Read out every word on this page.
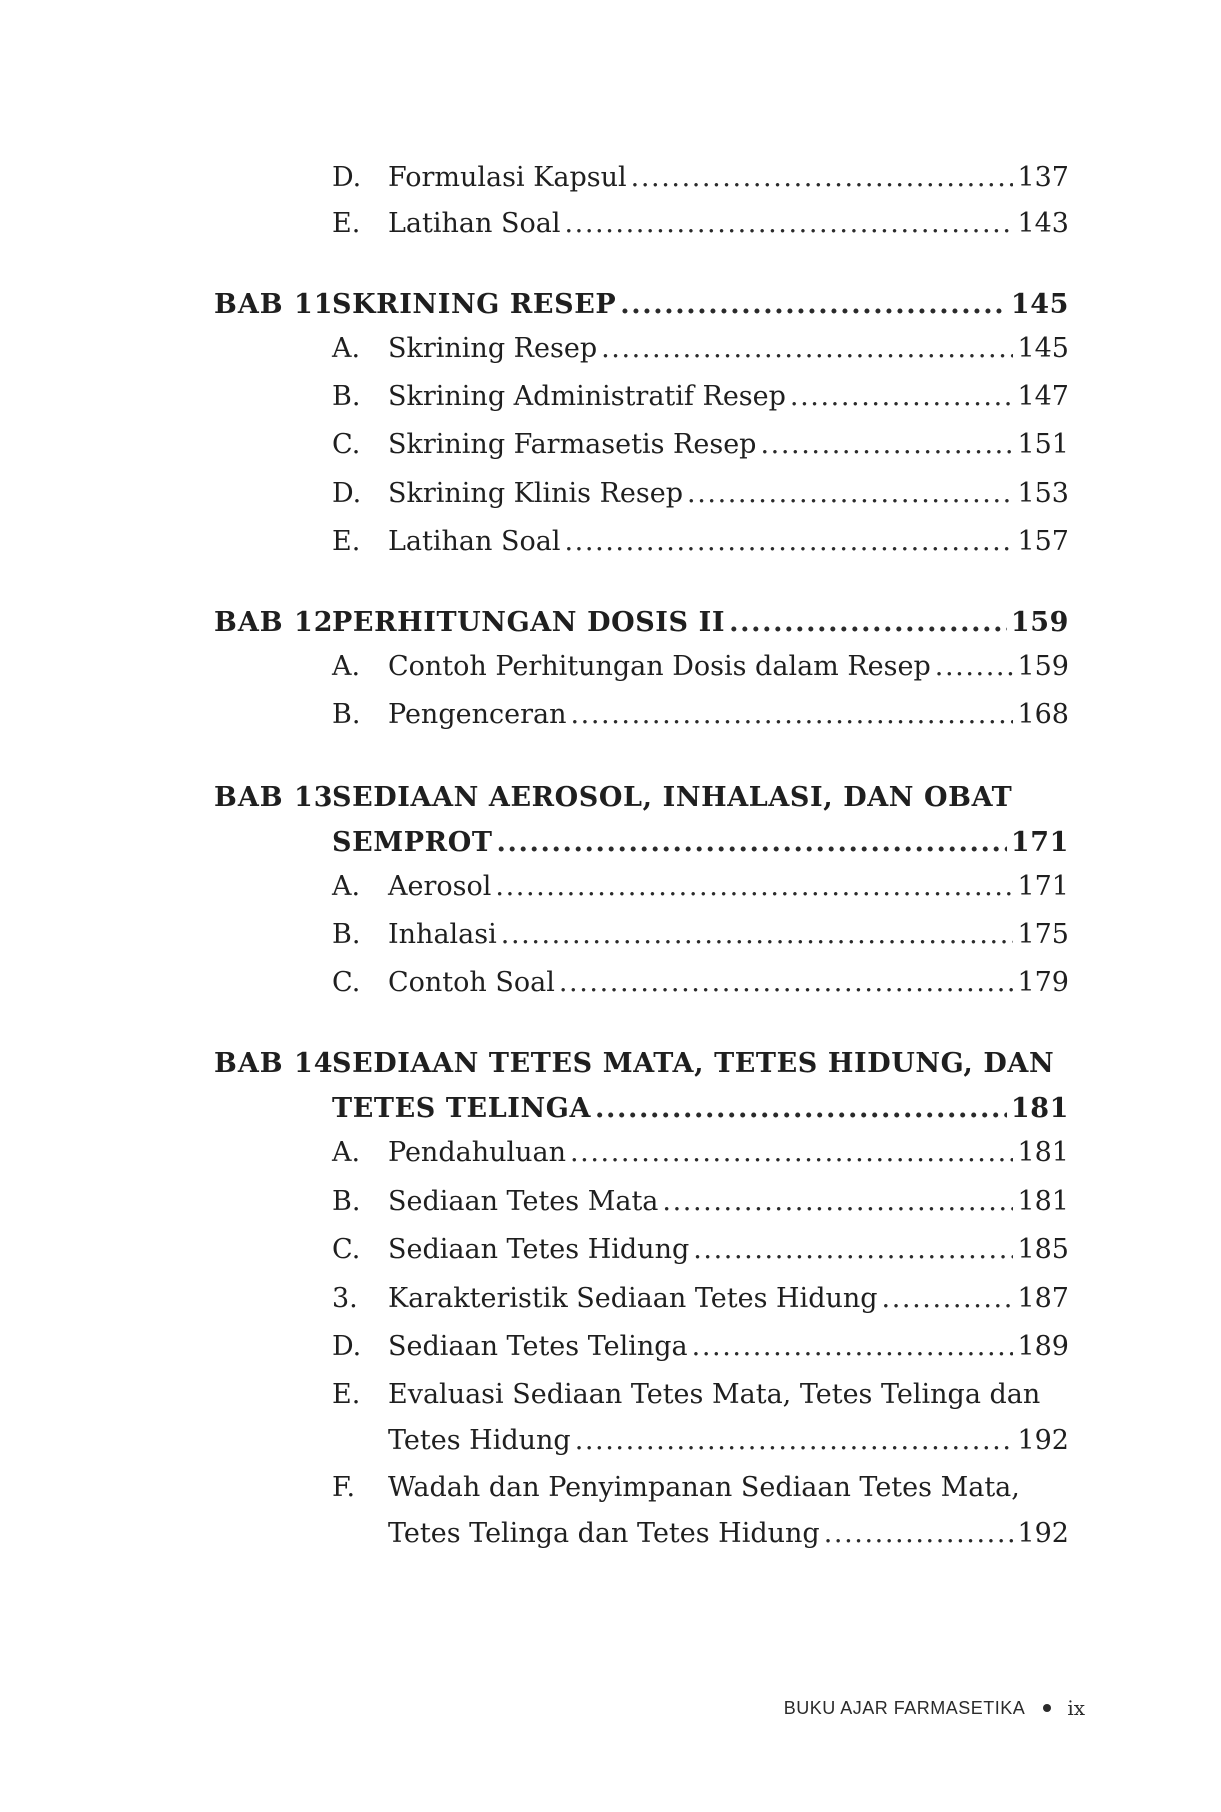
D. Formulasi Kapsul .....	137
E. Latihan Soal .....	143
BAB 11
SKRINING RESEP .....	145
A. Skrining Resep .....	145
B. Skrining Administratif Resep .....	147
C. Skrining Farmasetis Resep .....	151
D. Skrining Klinis Resep .....	153
E. Latihan Soal .....	157
BAB 12
PERHITUNGAN DOSIS II .....	159
A. Contoh Perhitungan Dosis dalam Resep .....	159
B. Pengenceran .....	168
BAB 13
SEDIAAN AEROSOL, INHALASI, DAN OBAT
SEMPROT .....	171
A. Aerosol .....	171
B. Inhalasi .....	175
C. Contoh Soal .....	179
BAB 14
SEDIAAN TETES MATA, TETES HIDUNG, DAN
TETES TELINGA .....	181
A. Pendahuluan .....	181
B. Sediaan Tetes Mata .....	181
C. Sediaan Tetes Hidung .....	185
3. Karakteristik Sediaan Tetes Hidung .....	187
D. Sediaan Tetes Telinga .....	189
E. Evaluasi Sediaan Tetes Mata, Tetes Telinga dan
Tetes Hidung .....	192
F. Wadah dan Penyimpanan Sediaan Tetes Mata,
Tetes Telinga dan Tetes Hidung .....	192
BUKU AJAR FARMASETIKA ix
